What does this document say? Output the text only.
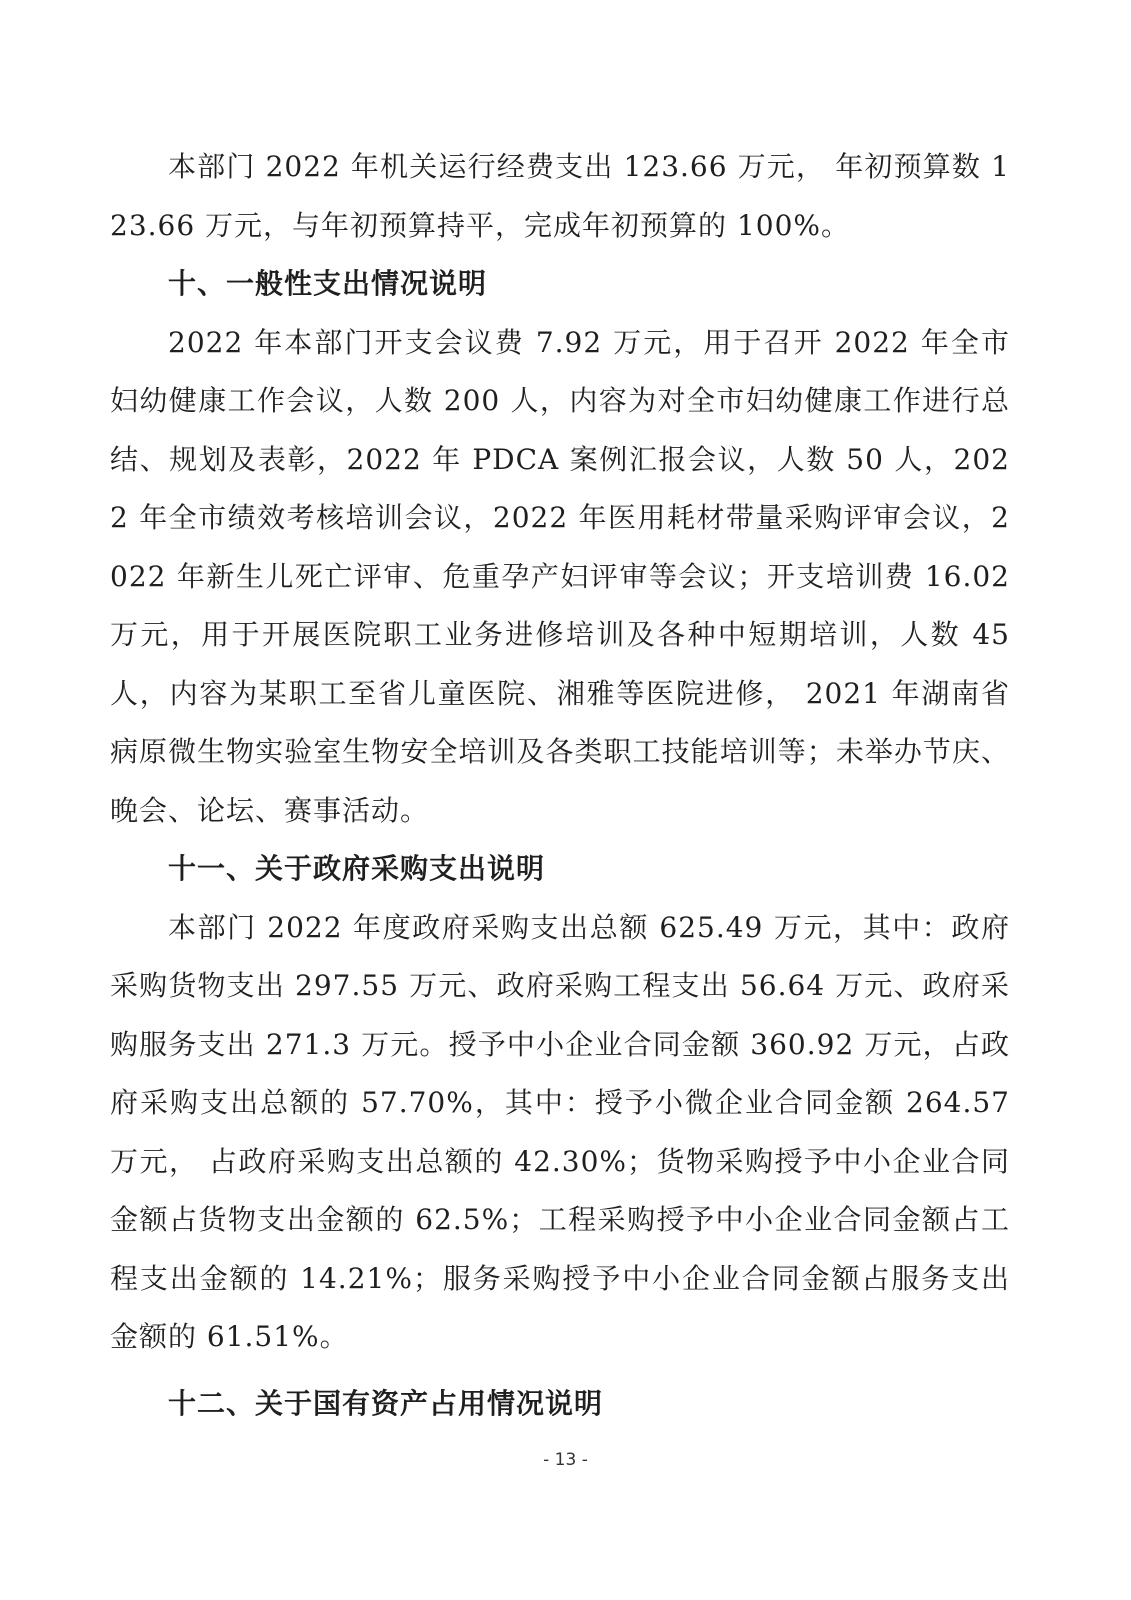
本部门 2022 年机关运行经费支出 123.66 万元， 年初预算数 123.66 万元，与年初预算持平，完成年初预算的 100%。

十、一般性支出情况说明

2022 年本部门开支会议费 7.92 万元，用于召开 2022 年全市妇幼健康工作会议，人数 200 人，内容为对全市妇幼健康工作进行总结、规划及表彰，2022 年 PDCA 案例汇报会议，人数 50 人，2022 年全市绩效考核培训会议，2022 年医用耗材带量采购评审会议，2022 年新生儿死亡评审、危重孕产妇评审等会议；开支培训费 16.02 万元，用于开展医院职工业务进修培训及各种中短期培训，人数 45 人，内容为某职工至省儿童医院、湘雅等医院进修， 2021 年湖南省病原微生物实验室生物安全培训及各类职工技能培训等；未举办节庆、晚会、论坛、赛事活动。

十一、关于政府采购支出说明

本部门 2022 年度政府采购支出总额 625.49 万元，其中：政府采购货物支出 297.55 万元、政府采购工程支出 56.64 万元、政府采购服务支出 271.3 万元。授予中小企业合同金额 360.92 万元，占政府采购支出总额的 57.70%，其中：授予小微企业合同金额 264.57 万元， 占政府采购支出总额的 42.30%；货物采购授予中小企业合同金额占货物支出金额的 62.5%；工程采购授予中小企业合同金额占工程支出金额的 14.21%；服务采购授予中小企业合同金额占服务支出金额的 61.51%。

十二、关于国有资产占用情况说明

- 13 -
